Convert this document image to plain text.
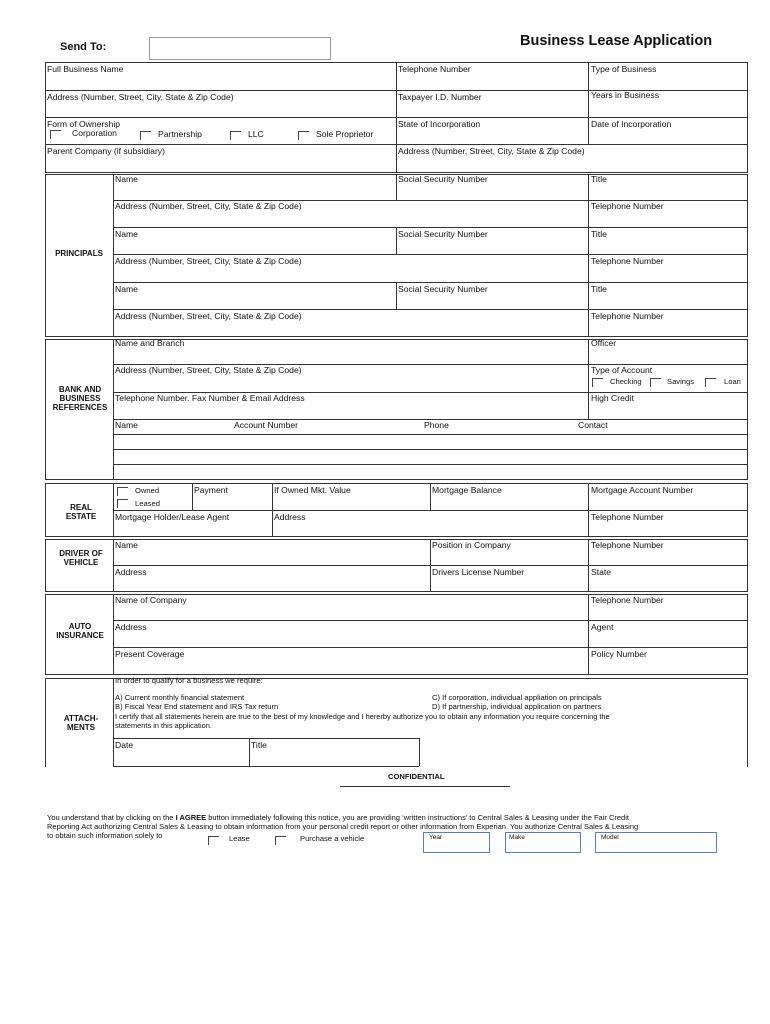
Send To:	Business Lease Application
Full Business Name	Telephone Number	Type of Business
Address (Number, Street, City, State & Zip Code)	Taxpayer I.D. Number	Years in Business
Form of Ownership
Corporation	Partnership	LLC	Sole Proprietor
State of Incorporation	Date of Incorporation
Parent Company (if subsidiary)	Address (Number, Street, City, State & Zip Code)
PRINCIPALS
Name	Social Security Number	Title
Address (Number, Street, City, State & Zip Code)	Telephone Number
Name	Social Security Number	Title
Address (Number, Street, City, State & Zip Code)	Telephone Number
Name	Social Security Number	Title
Address (Number, Street, City, State & Zip Code)	Telephone Number
BANK AND BUSINESS REFERENCES
Name and Branch	Officer
Address (Number, Street, City, State & Zip Code)	Type of Account
Checking	Savings	Loan
Telephone Number. Fax Number & Email Address	High Credit
Name	Account Number	Phone	Contact
REAL ESTATE
Owned
Leased
Payment	If Owned Mkt. Value	Mortgage Balance	Mortgage Account Number
Mortgage Holder/Lease Agent	Address	Telephone Number
DRIVER OF VEHICLE
Name	Position in Company	Telephone Number
Address	Drivers License Number	State
AUTO INSURANCE
Name of Company	Telephone Number
Address	Agent
Present Coverage	Policy Number
ATTACH- MENTS
In order to qualify for a business we require:
A) Current monthly financial statement
B) Fiscal Year End statement and IRS Tax return
C) If corporation, individual appliation on principals
D) If partnership, individual application on partners
I certify that all statements herein are true to the best of my knowledge and I hererby authorize you to obtain any information you require concerning the
statements in this application.
Date	Title
CONFIDENTIAL
You understand that by clicking on the I AGREE button immediately following this notice, you are providing ‘written instructions’ to Central Sales & Leasing under the Fair Credit
Reporting Act authorizing Central Sales & Leasing to obtain information from your personal credit report or other information from Experian. You authorize Central Sales & Leasing
to obtain such information solely to	Lease	Purchase a vehicle	Year	Make	Model
